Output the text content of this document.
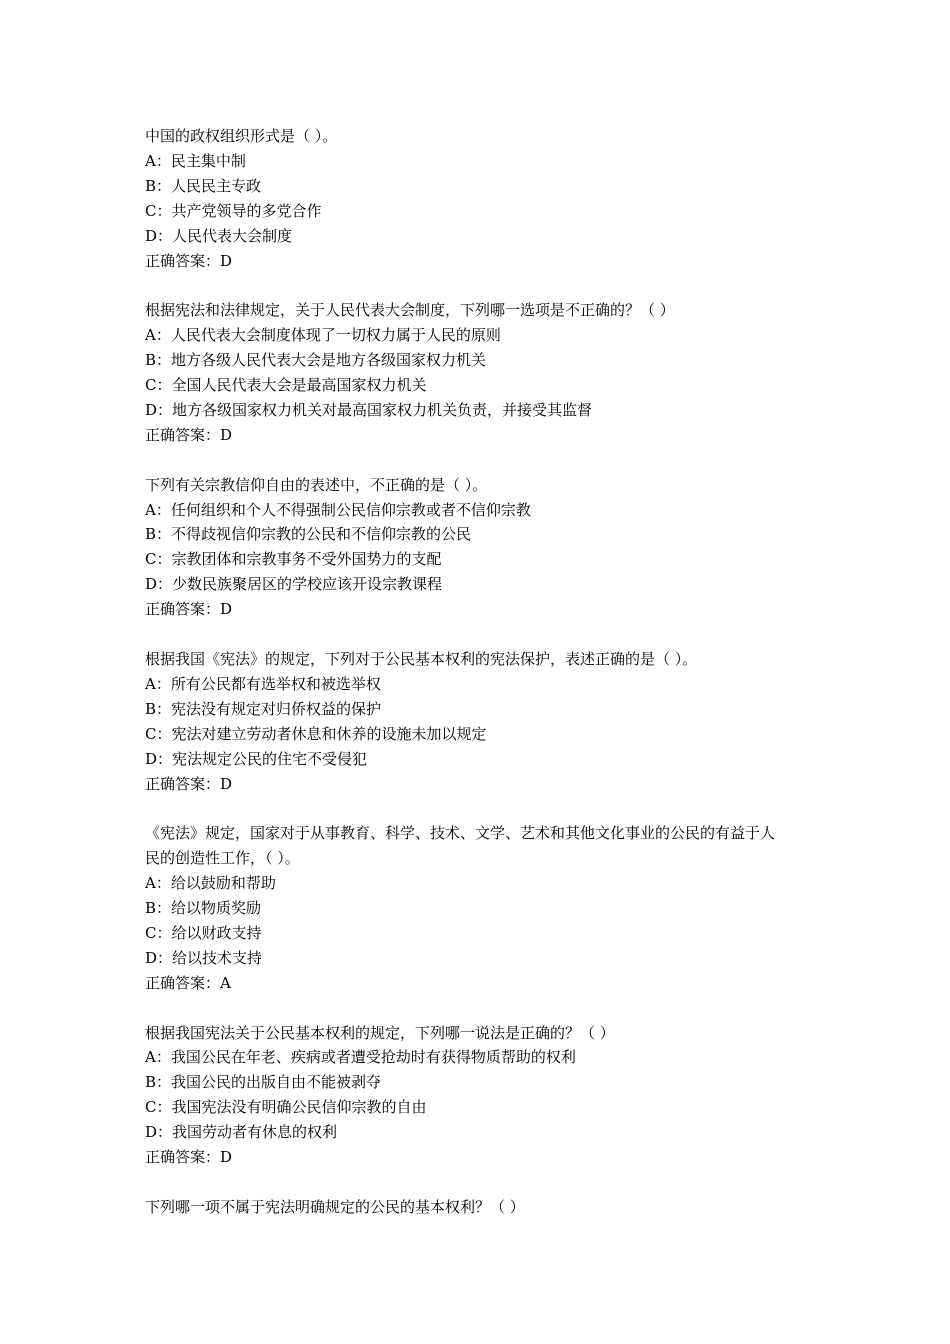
中国的政权组织形式是（ ）。
A：民主集中制
B：人民民主专政
C：共产党领导的多党合作
D：人民代表大会制度
正确答案：D
根据宪法和法律规定，关于人民代表大会制度，下列哪一选项是不正确的？（ ）
A：人民代表大会制度体现了一切权力属于人民的原则
B：地方各级人民代表大会是地方各级国家权力机关
C：全国人民代表大会是最高国家权力机关
D：地方各级国家权力机关对最高国家权力机关负责，并接受其监督
正确答案：D
下列有关宗教信仰自由的表述中，不正确的是（ ）。
A：任何组织和个人不得强制公民信仰宗教或者不信仰宗教
B：不得歧视信仰宗教的公民和不信仰宗教的公民
C：宗教团体和宗教事务不受外国势力的支配
D：少数民族聚居区的学校应该开设宗教课程
正确答案：D
根据我国《宪法》的规定，下列对于公民基本权利的宪法保护，表述正确的是（ ）。
A：所有公民都有选举权和被选举权
B：宪法没有规定对归侨权益的保护
C：宪法对建立劳动者休息和休养的设施未加以规定
D：宪法规定公民的住宅不受侵犯
正确答案：D
《宪法》规定，国家对于从事教育、科学、技术、文学、艺术和其他文化事业的公民的有益于人
民的创造性工作，（ ）。
A：给以鼓励和帮助
B：给以物质奖励
C：给以财政支持
D：给以技术支持
正确答案：A
根据我国宪法关于公民基本权利的规定，下列哪一说法是正确的？（ ）
A：我国公民在年老、疾病或者遭受抢劫时有获得物质帮助的权利
B：我国公民的出版自由不能被剥夺
C：我国宪法没有明确公民信仰宗教的自由
D：我国劳动者有休息的权利
正确答案：D
下列哪一项不属于宪法明确规定的公民的基本权利？（ ）
